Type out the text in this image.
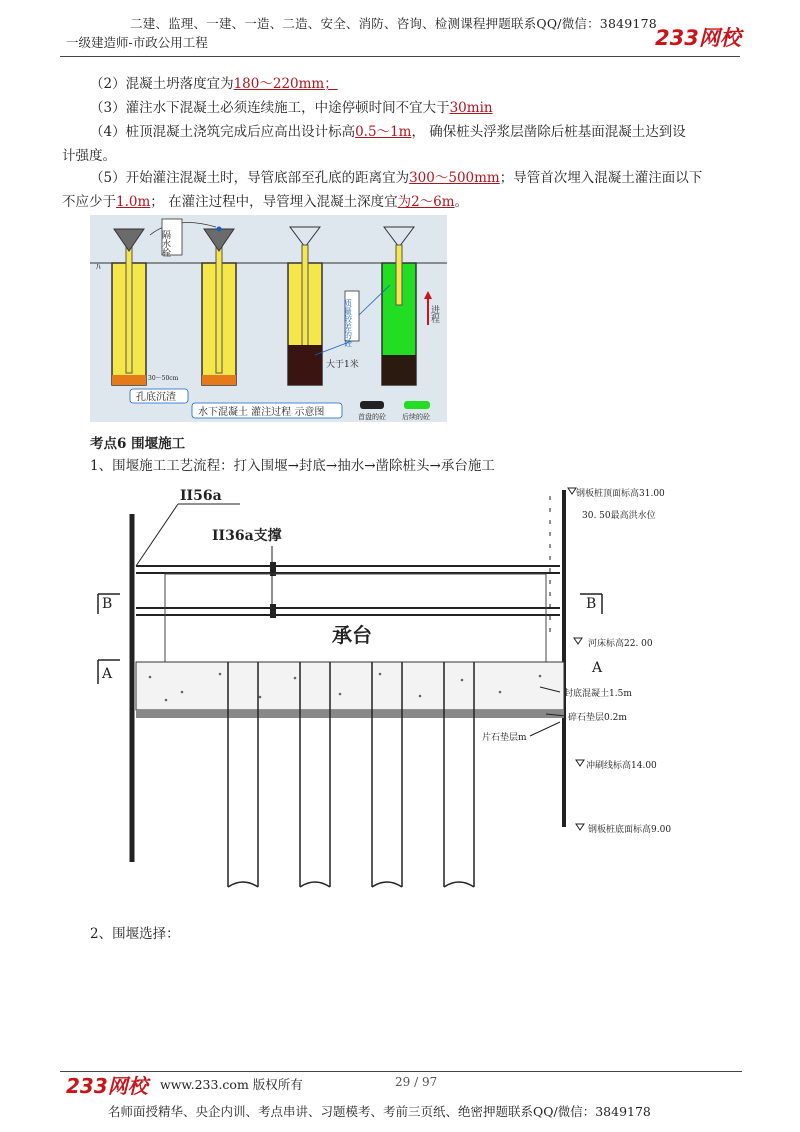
二建、监理、一建、一造、二造、安全、消防、咨询、检测课程押题联系QQ/微信：3849178
一级建造师-市政公用工程	233网校
（2）混凝土坍落度宜为180～220mm；
（3）灌注水下混凝土必须连续施工，中途停顿时间不宜大于30min
（4）桩顶混凝土浇筑完成后应高出设计标高0.5～1m， 确保桩头浮浆层凿除后桩基面混凝土达到设
计强度。
（5）开始灌注混凝土时，导管底部至孔底的距离宜为300～500mm；导管首次埋入混凝土灌注面以下
不应少于1.0m； 在灌注过程中，导管埋入混凝土深度宜为2～6m。
ﾊ
隔水栓
质量较差的砼	进程
大于1米
30～50cm
孔底沉渣
水下混凝土 灌注过程 示意图	首盘的砼 后续的砼
考点6 围堰施工
1、围堰施工工艺流程：打入围堰→封底→抽水→凿除桩头→承台施工
B	B
A	A
承台
II56a
II36a支撑
钢板桩顶面标高31.00
30. 50最高洪水位
河床标高22. 00
封底混凝土1.5m
碎石垫层0.2m
片石垫层m
冲刷线标高14.00
钢板桩底面标高9.00
2、围堰选择：
233网校 www.233.com 版权所有	29 / 97
名师面授精华、央企内训、考点串讲、习题模考、考前三页纸、绝密押题联系QQ/微信：3849178
